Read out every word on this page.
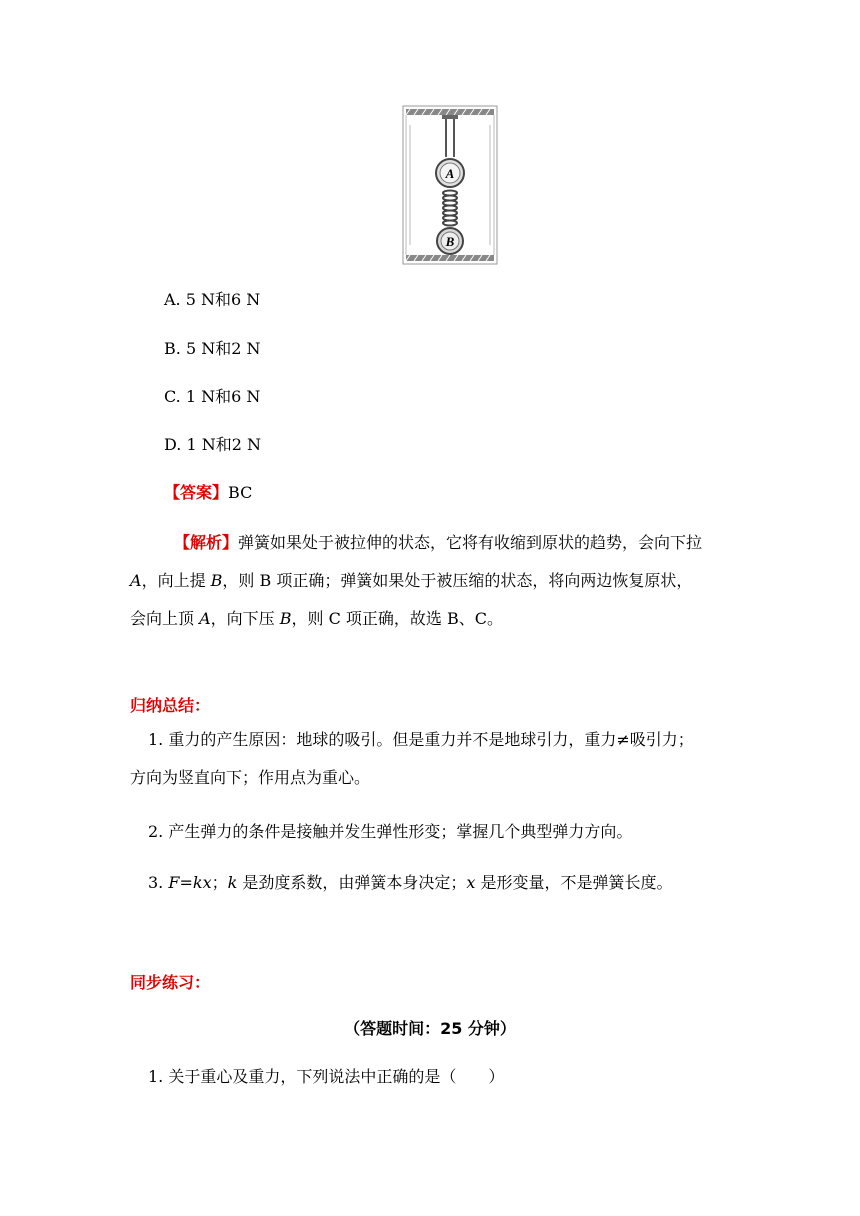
A
B
A. 5 N和6 N
B. 5 N和2 N
C. 1 N和6 N
D. 1 N和2 N
【答案】BC
【解析】弹簧如果处于被拉伸的状态，它将有收缩到原状的趋势，会向下拉
A，向上提 B，则 B 项正确；弹簧如果处于被压缩的状态，将向两边恢复原状，
会向上顶 A，向下压 B，则 C 项正确，故选 B、C。
归纳总结：
1. 重力的产生原因：地球的吸引。但是重力并不是地球引力，重力≠吸引力；
方向为竖直向下；作用点为重心。
2. 产生弹力的条件是接触并发生弹性形变；掌握几个典型弹力方向。
3. F=kx；k 是劲度系数，由弹簧本身决定；x 是形变量，不是弹簧长度。
同步练习：
（答题时间：25 分钟）
1. 关于重心及重力，下列说法中正确的是（　　）
